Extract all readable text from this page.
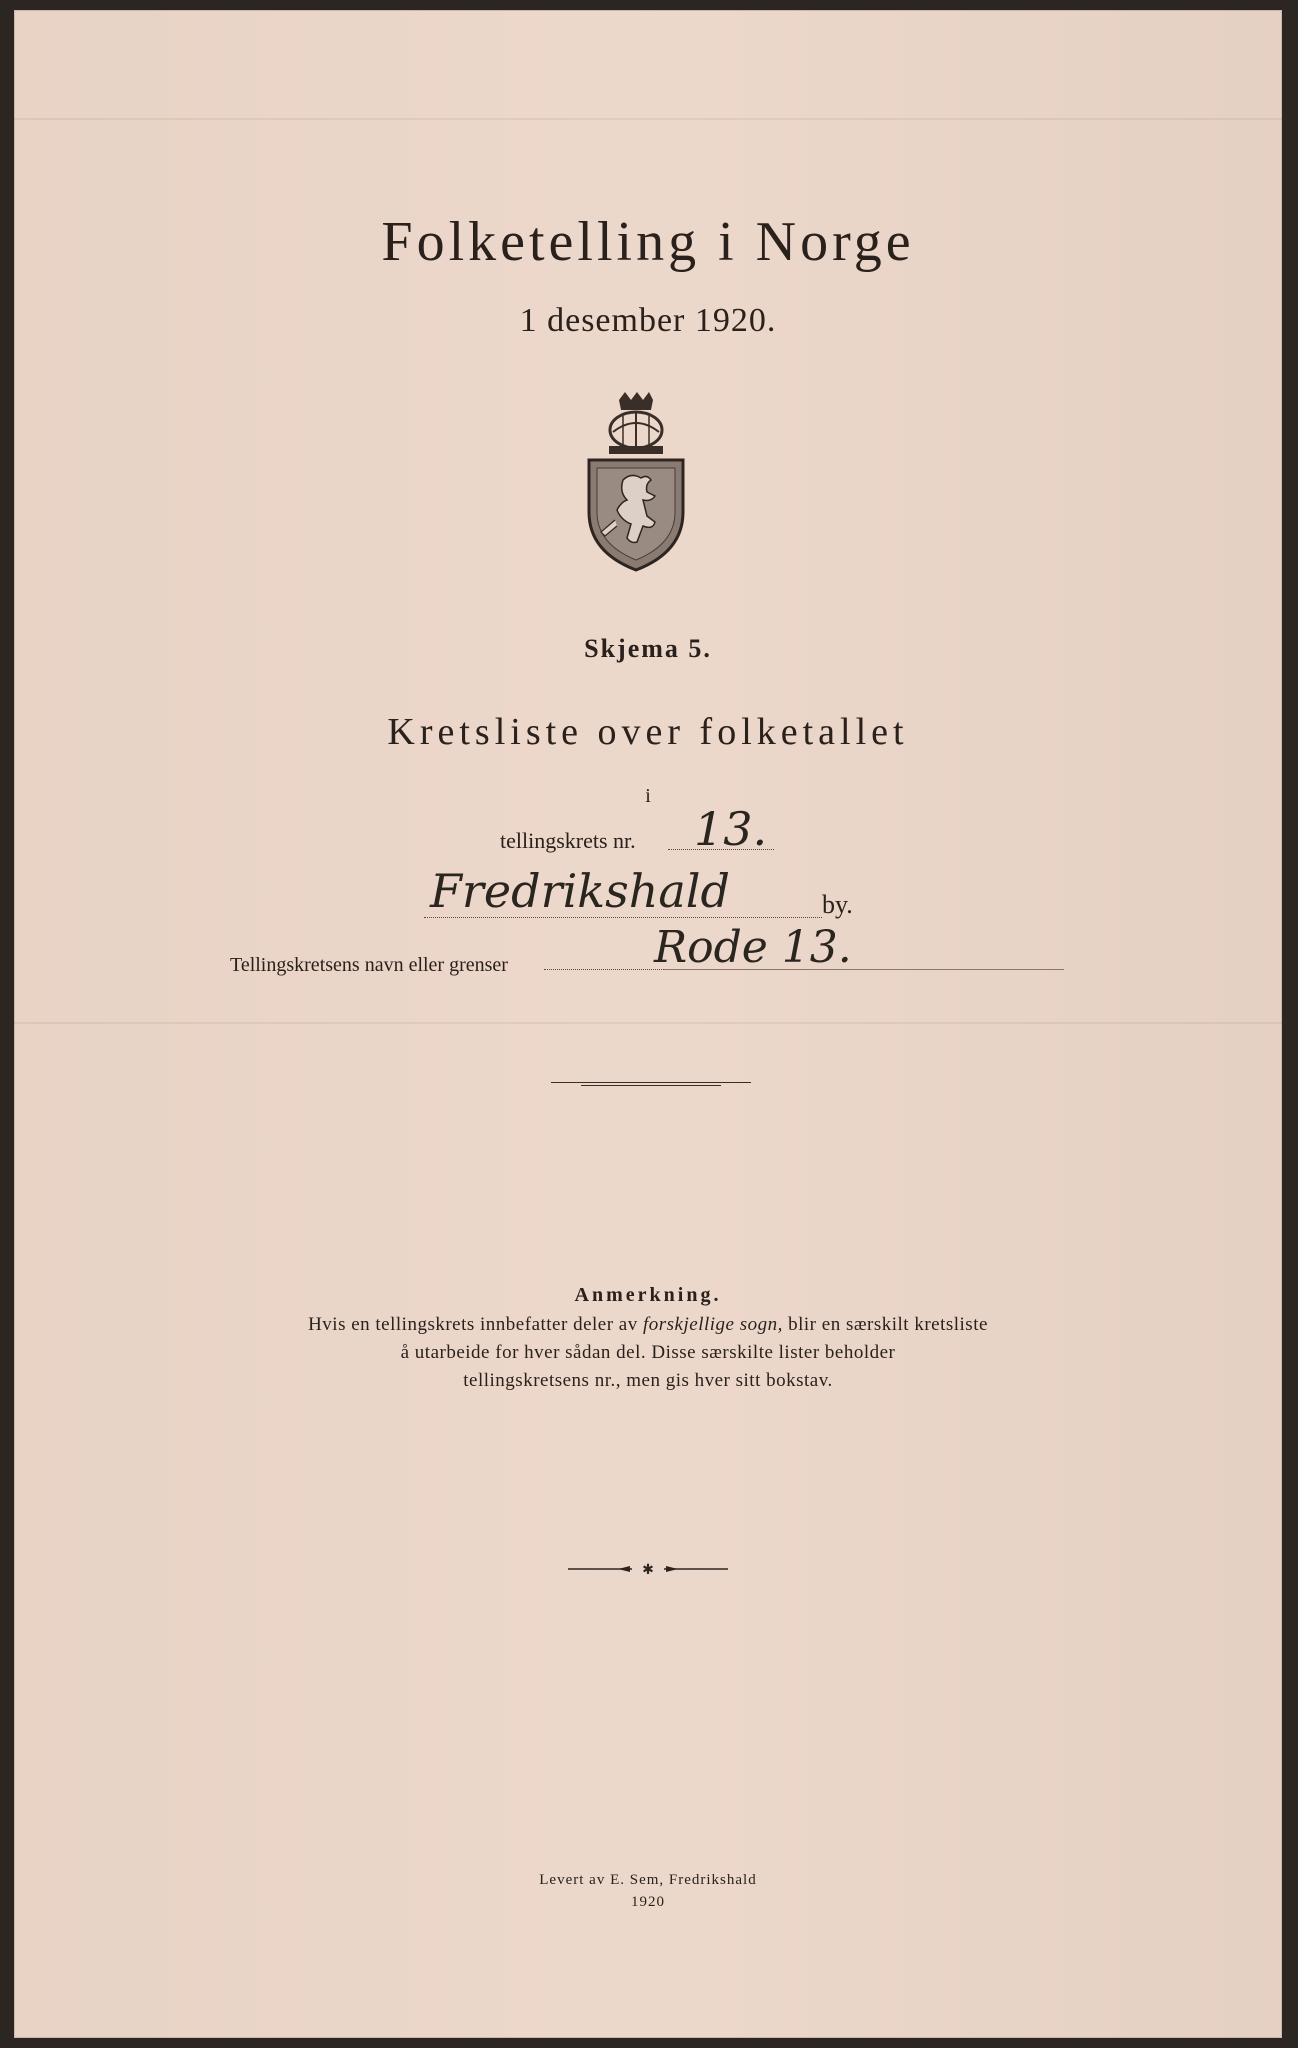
Folketelling i Norge
1 desember 1920.
Skjema 5.
Kretsliste over folketallet
i
tellingskrets nr. 13.
Fredrikshald	by.
Tellingskretsens navn eller grenser	Rode 13.
Anmerkning.
Hvis en tellingskrets innbefatter deler av forskjellige sogn, blir en særskilt kretsliste
å utarbeide for hver sådan del. Disse særskilte lister beholder
tellingskretsens nr., men gis hver sitt bokstav.
✱
Levert av E. Sem, Fredrikshald
1920
